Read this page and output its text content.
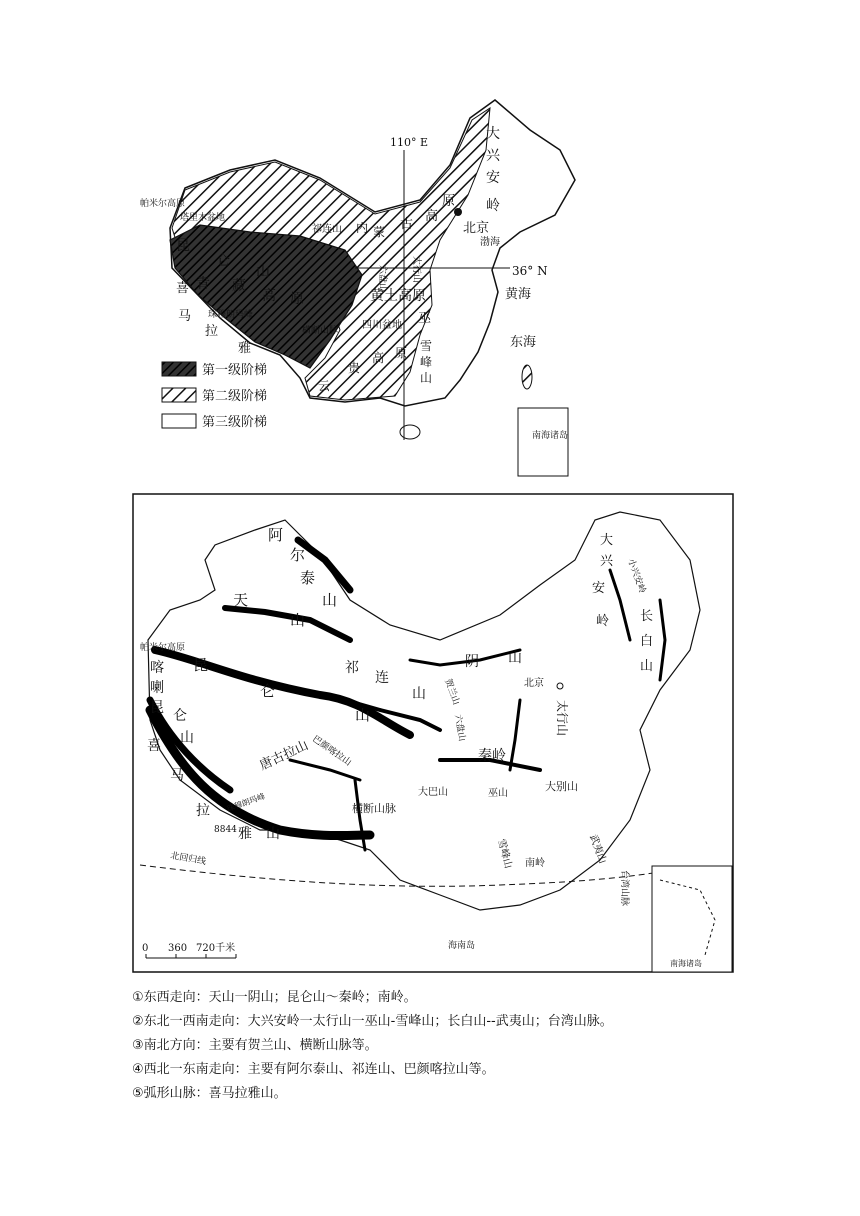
110° E
36° N
北京
渤海
黄海
东海
南海诸岛
帕米尔高原
塔里木盆地
昆
仑
山
青 藏
高 原
喜
马
拉
雅
珠穆朗玛峰
横断山脉
祁连山 内 蒙 古
高
原
大
兴
安
岭
太行山
六盘山
黄土高原
四川盆地 巫
雪
峰
山
云
贵
高 原
第一级阶梯
第二级阶梯
第三级阶梯
阿
尔
泰
山
天
山
帕米尔高原
喀
喇
昆 仑
山
昆
仑
山
祁
连
山
阴 山
贺兰山
六盘山
秦岭
巴颜喀拉山
唐古拉山
喜
马
拉
雅 山
珠穆朗玛峰
8844
横断山脉
大巴山	巫山
大别山
雪峰山 南岭	武夷山
太行山
北京
大
兴
安
岭
小兴安岭
长
白
山
台湾山脉
北回归线
海南岛
南海诸岛
0 360 720千米

①东西走向：天山一阴山；昆仑山～秦岭；南岭。

②东北一西南走向：大兴安岭一太行山一巫山-雪峰山；长白山--武夷山；台湾山脉。

③南北方向：主要有贺兰山、横断山脉等。

④西北一东南走向：主要有阿尔泰山、祁连山、巴颜喀拉山等。

⑤弧形山脉：喜马拉雅山。
